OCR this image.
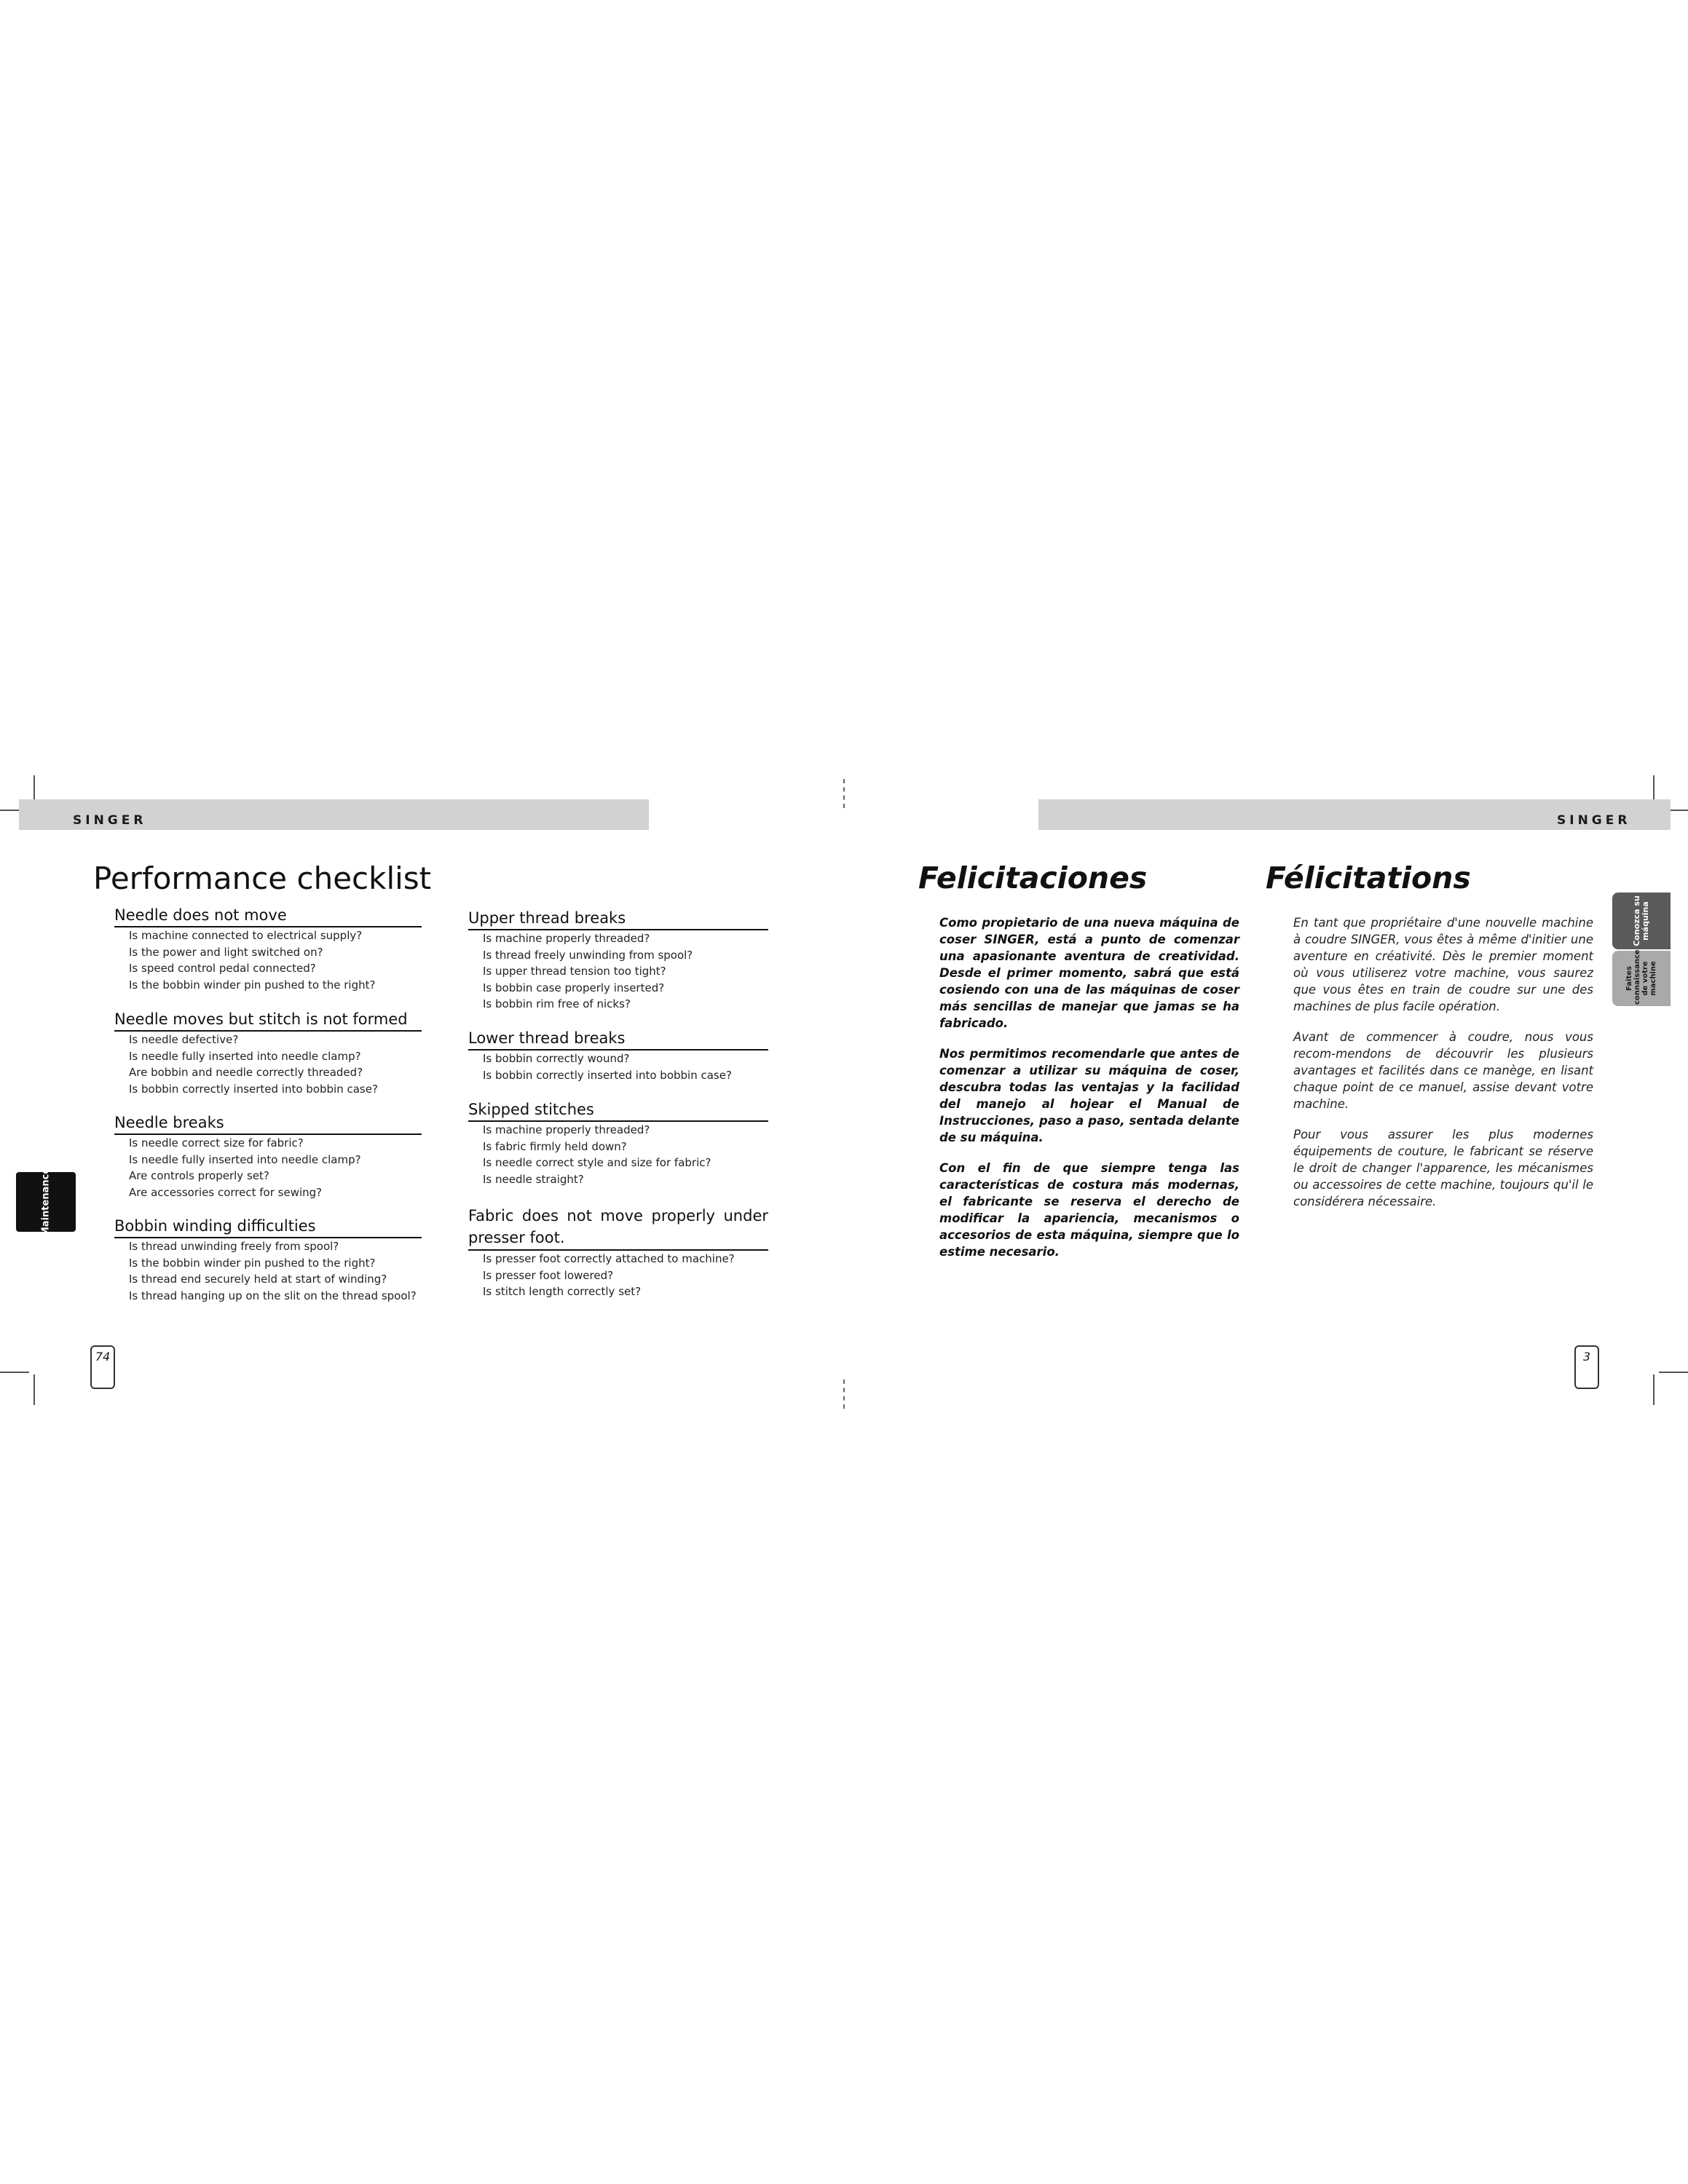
SINGER	SINGER
Performance checklist
Needle does not move
Is machine connected to electrical supply?
Is the power and light switched on?
Is speed control pedal connected?
Is the bobbin winder pin pushed to the right?
Needle moves but stitch is not formed
Is needle defective?
Is needle fully inserted into needle clamp?
Are bobbin and needle correctly threaded?
Is bobbin correctly inserted into bobbin case?
Needle breaks
Is needle correct size for fabric?
Is needle fully inserted into needle clamp?
Are controls properly set?
Are accessories correct for sewing?
Bobbin winding difficulties
Is thread unwinding freely from spool?
Is the bobbin winder pin pushed to the right?
Is thread end securely held at start of winding?
Is thread hanging up on the slit on the thread spool?
Upper thread breaks
Is machine properly threaded?
Is thread freely unwinding from spool?
Is upper thread tension too tight?
Is bobbin case properly inserted?
Is bobbin rim free of nicks?
Lower thread breaks
Is bobbin correctly wound?
Is bobbin correctly inserted into bobbin case?
Skipped stitches
Is machine properly threaded?
Is fabric firmly held down?
Is needle correct style and size for fabric?
Is needle straight?
Fabric does not move properly under presser foot.
Is presser foot correctly attached to machine?
Is presser foot lowered?
Is stitch length correctly set?
Maintenance
74
Felicitaciones	Félicitations

Como propietario de una nueva máquina de coser SINGER, está a punto de comenzar una apasionante aventura de creatividad. Desde el primer momento, sabrá que está cosiendo con una de las máquinas de coser más sencillas de manejar que jamas se ha fabricado.

Nos permitimos recomendarle que antes de comenzar a utilizar su máquina de coser, descubra todas las ventajas y la facilidad del manejo al hojear el Manual de Instrucciones, paso a paso, sentada delante de su máquina.

Con el fin de que siempre tenga las características de costura más modernas, el fabricante se reserva el derecho de modificar la apariencia, mecanismos o accesorios de esta máquina, siempre que lo estime necesario.

En tant que propriétaire d'une nouvelle machine à coudre SINGER, vous êtes à même d'initier une aventure en créativité. Dès le premier moment où vous utiliserez votre machine, vous saurez que vous êtes en train de coudre sur une des machines de plus facile opération.

Avant de commencer à coudre, nous vous recom-mendons de découvrir les plusieurs avantages et facilités dans ce manège, en lisant chaque point de ce manuel, assise devant votre machine.

Pour vous assurer les plus modernes équipements de couture, le fabricant se réserve le droit de changer l'apparence, les mécanismes ou accessoires de cette machine, toujours qu'il le considérera nécessaire.

Conozca su máquina
Faites connaissance de votre machine
3
